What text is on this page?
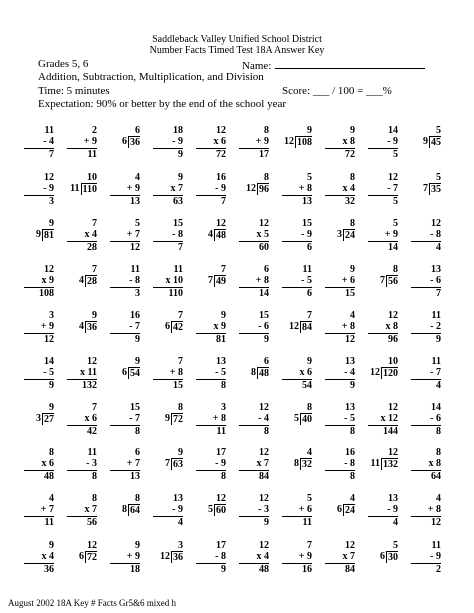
Saddleback Valley Unified School District
Number Facts Timed Test 18A Answer Key
Grades 5, 6	Name:
Addition, Subtraction, Multiplication, and Division
Time: 5 minutes	Score: ___ / 100 = ___%
Expectation: 90% or better by the end of the school year
11
- 4
7
2
+ 9
11
6
6 36
18
- 9
9
12
x 6
72
8
+ 9
17
9
12 108
9
x 8
72
14
- 9
5
5
9 45
12
- 9
3
10
11 110
4
+ 9
13
9
x 7
63
16
- 9
7
8
12 96
5
+ 8
13
8
x 4
32
12
- 7
5
5
7 35
9
9 81
7
x 4
28
5
+ 7
12
15
- 8
7
12
4 48
12
x 5
60
15
- 9
6
8
3 24
5
+ 9
14
12
- 8
4
12
x 9
108
7
4 28
11
- 8
3
11
x 10
110
7
7 49
6
+ 8
14
11
- 5
6
9
+ 6
15
8
7 56
13
- 6
7
3
+ 9
12
9
4 36
16
- 7
9
7
6 42
9
x 9
81
15
- 6
9
7
12 84
4
+ 8
12
12
x 8
96
11
- 2
9
14
- 5
9
12
x 11
132
9
6 54
7
+ 8
15
13
- 5
8
6
8 48
9
x 6
54
13
- 4
9
10
12 120
11
- 7
4
9
3 27
7
x 6
42
15
- 7
8
8
9 72
3
+ 8
11
12
- 4
8
8
5 40
13
- 5
8
12
x 12
144
14
- 6
8
8
x 6
48
11
- 3
8
6
+ 7
13
9
7 63
17
- 9
8
12
x 7
84
4
8 32
16
- 8
8
12
11 132
8
x 8
64
4
+ 7
11
8
x 7
56
8
8 64
13
- 9
4
12
5 60
12
- 3
9
5
+ 6
11
4
6 24
13
- 9
4
4
+ 8
12
9
x 4
36
12
6 72
9
+ 9
18
3
12 36
17
- 8
9
12
x 4
48
7
+ 9
16
12
x 7
84
5
6 30
11
- 9
2
August 2002 18A Key # Facts Gr5&6 mixed h
